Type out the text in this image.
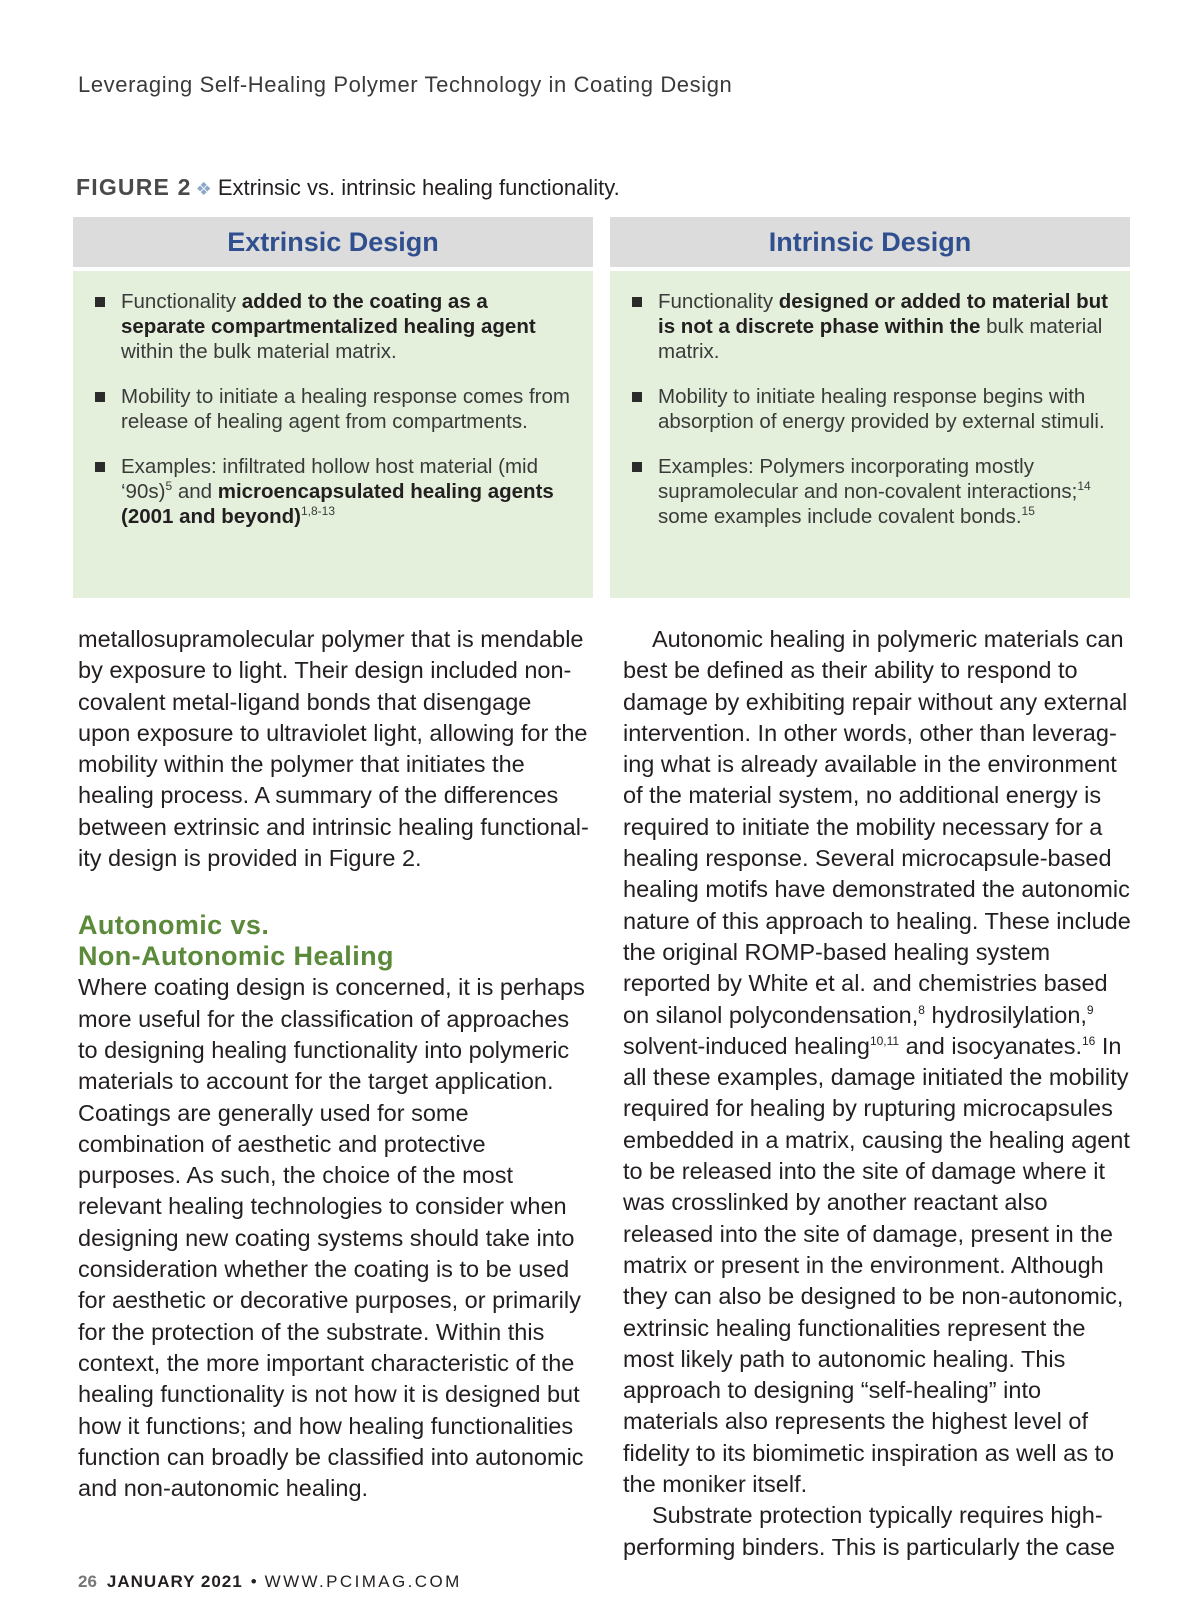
Leveraging Self-Healing Polymer Technology in Coating Design
FIGURE 2 ❖ Extrinsic vs. intrinsic healing functionality.
Extrinsic Design
Functionality added to the coating as a separate compartmentalized healing agent within the bulk material matrix.
Mobility to initiate a healing response comes from release of healing agent from compartments.
Examples: infiltrated hollow host material (mid ‘90s)$^5$ and microencapsulated healing agents (2001 and beyond)$^{1,8-13}$
Intrinsic Design
Functionality designed or added to material but is not a discrete phase within the bulk material matrix.
Mobility to initiate healing response begins with absorption of energy provided by external stimuli.
Examples: Polymers incorporating mostly supramolecular and non-covalent interactions;$^{14}$ some examples include covalent bonds.$^{15}$

metallosupramolecular polymer that is mendable by exposure to light. Their design included non-covalent metal-ligand bonds that disengage upon exposure to ultraviolet light, allowing for the mobility within the polymer that initiates the healing process. A summary of the differences between extrinsic and intrinsic healing functionality design is provided in Figure 2.

Autonomic vs.
Non-Autonomic Healing

Where coating design is concerned, it is perhaps more useful for the classification of approaches to designing healing functionality into polymeric materials to account for the target application. Coatings are generally used for some combination of aesthetic and protective purposes. As such, the choice of the most relevant healing technologies to consider when designing new coating systems should take into consideration whether the coating is to be used for aesthetic or decorative purposes, or primarily for the protection of the substrate. Within this context, the more important characteristic of the healing functionality is not how it is designed but how it functions; and how healing functionalities function can broadly be classified into autonomic and non-autonomic healing.

Autonomic healing in polymeric materials can best be defined as their ability to respond to damage by exhibiting repair without any external intervention. In other words, other than leveraging what is already available in the environment of the material system, no additional energy is required to initiate the mobility necessary for a healing response. Several microcapsule-based healing motifs have demonstrated the autonomic nature of this approach to healing. These include the original ROMP-based healing system reported by White et al. and chemistries based on silanol polycondensation,$^8$ hydrosilylation,$^9$ solvent-induced healing$^{10,11}$ and isocyanates.$^{16}$ In all these examples, damage initiated the mobility required for healing by rupturing microcapsules embedded in a matrix, causing the healing agent to be released into the site of damage where it was crosslinked by another reactant also released into the site of damage, present in the matrix or present in the environment. Although they can also be designed to be non-autonomic, extrinsic healing functionalities represent the most likely path to autonomic healing. This approach to designing “self-healing” into materials also represents the highest level of fidelity to its biomimetic inspiration as well as to the moniker itself.

Substrate protection typically requires high-performing binders. This is particularly the case

26 JANUARY 2021 • WWW.PCIMAG.COM
